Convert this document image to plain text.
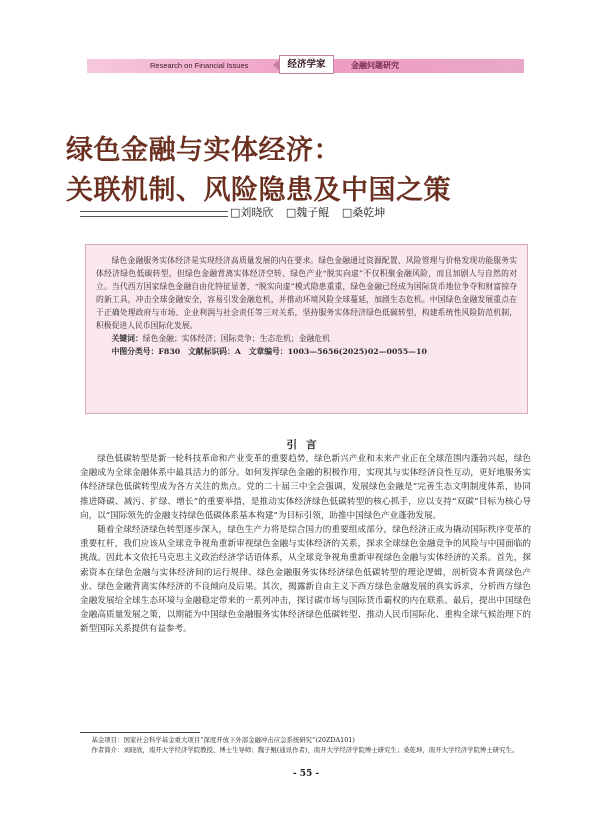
Research on Financial Issues	经济学家	金融问题研究
绿色金融与实体经济：
关联机制、风险隐患及中国之策
□刘晓欣 □魏子鲲 □桑乾坤

绿色金融服务实体经济是实现经济高质量发展的内在要求。绿色金融通过资源配置、风险管理与价格发现功能服务实体经济绿色低碳转型，但绿色金融背离实体经济空转、绿色产业“脱实向虚”不仅积聚金融风险，而且加剧人与自然的对立。当代西方国家绿色金融自由化特征显著，“脱实向虚”模式隐患重重，绿色金融已经成为国际货币地位争夺和财富掠夺的新工具，冲击全球金融安全，容易引发金融危机，并推动环境风险全球蔓延，加剧生态危机。中国绿色金融发展重点在于正确处理政府与市场、企业利润与社会责任等三对关系，坚持服务实体经济绿色低碳转型，构建系统性风险防范机制，积极促进人民币国际化发展。

关键词：绿色金融；实体经济；国际竞争；生态危机；金融危机

中图分类号：F830　文献标识码：A　文章编号：1003—5656(2025)02—0055—10

引言

绿色低碳转型是新一轮科技革命和产业变革的重要趋势，绿色新兴产业和未来产业正在全球范围内蓬勃兴起，绿色金融成为全球金融体系中最具活力的部分。如何发挥绿色金融的积极作用，实现其与实体经济良性互动，更好地服务实体经济绿色低碳转型成为各方关注的焦点。党的二十届三中全会强调，发展绿色金融是“完善生态文明制度体系，协同推进降碳、减污、扩绿、增长”的重要举措，是推动实体经济绿色低碳转型的核心抓手，应以支持“双碳”目标为核心导向，以“国际领先的金融支持绿色低碳体系基本构建”为目标引领，助推中国绿色产业蓬勃发展。

随着全球经济绿色转型逐步深入，绿色生产力将是综合国力的重要组成部分，绿色经济正成为撬动国际秩序变革的重要杠杆，我们应该从全球竞争视角重新审视绿色金融与实体经济的关系，探求全球绿色金融竞争的风险与中国面临的挑战。因此本文依托马克思主义政治经济学话语体系，从全球竞争视角重新审视绿色金融与实体经济的关系。首先，探索资本在绿色金融与实体经济间的运行规律、绿色金融服务实体经济绿色低碳转型的理论逻辑，剖析资本背离绿色产业、绿色金融背离实体经济的不良倾向及后果。其次，揭露新自由主义下西方绿色金融发展的真实诉求，分析西方绿色金融发展给全球生态环境与金融稳定带来的一系列冲击，探讨碳市场与国际货币霸权的内在联系。最后，提出中国绿色金融高质量发展之策，以期能为中国绿色金融服务实体经济绿色低碳转型、推动人民币国际化、重构全球气候治理下的新型国际关系提供有益参考。

基金项目：国家社会科学基金重大项目“深度开放下外部金融冲击应急系统研究”(20ZDA101)

作者简介：刘晓欣，南开大学经济学院教授、博士生导师；魏子鲲(通讯作者)，南开大学经济学院博士研究生；桑乾坤，南开大学经济学院博士研究生。

- 55 -
